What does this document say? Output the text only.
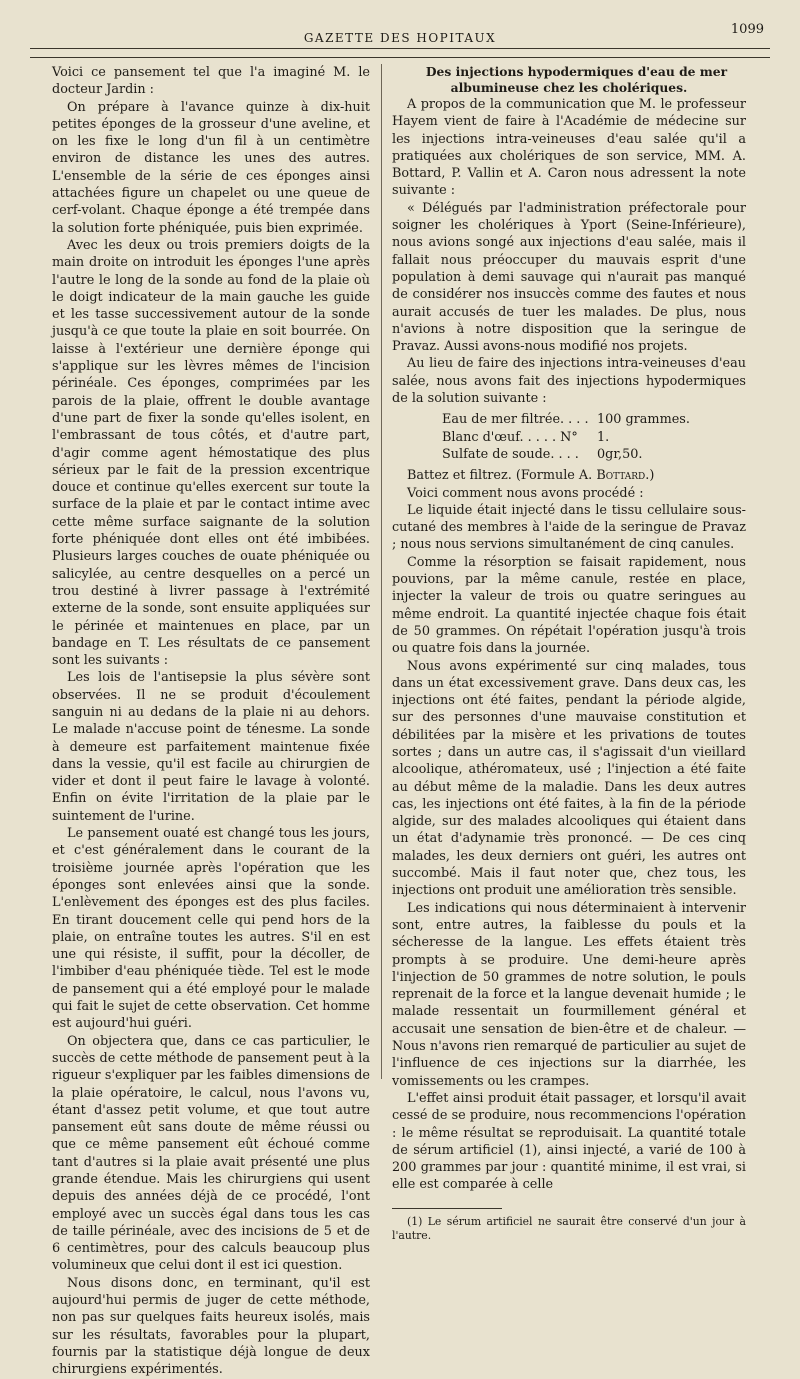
GAZETTE DES HOPITAUX
1099

Voici ce pansement tel que l'a imaginé M. le docteur Jardin :

On prépare à l'avance quinze à dix-huit petites éponges de la grosseur d'une aveline, et on les fixe le long d'un fil à un centimètre environ de distance les unes des autres. L'ensemble de la série de ces éponges ainsi attachées figure un chapelet ou une queue de cerf-volant. Chaque éponge a été trempée dans la solution forte phéniquée, puis bien exprimée.

Avec les deux ou trois premiers doigts de la main droite on introduit les éponges l'une après l'autre le long de la sonde au fond de la plaie où le doigt indicateur de la main gauche les guide et les tasse successivement autour de la sonde jusqu'à ce que toute la plaie en soit bourrée. On laisse à l'extérieur une dernière éponge qui s'applique sur les lèvres mêmes de l'incision périnéale. Ces éponges, comprimées par les parois de la plaie, offrent le double avantage d'une part de fixer la sonde qu'elles isolent, en l'embrassant de tous côtés, et d'autre part, d'agir comme agent hémostatique des plus sérieux par le fait de la pression excentrique douce et continue qu'elles exercent sur toute la surface de la plaie et par le contact intime avec cette même surface saignante de la solution forte phéniquée dont elles ont été imbibées. Plusieurs larges couches de ouate phéniquée ou salicylée, au centre desquelles on a percé un trou destiné à livrer passage à l'extrémité externe de la sonde, sont ensuite appliquées sur le périnée et maintenues en place, par un bandage en T. Les résultats de ce pansement sont les suivants :

Les lois de l'antisepsie la plus sévère sont observées. Il ne se produit d'écoulement sanguin ni au dedans de la plaie ni au dehors. Le malade n'accuse point de ténesme. La sonde à demeure est parfaitement maintenue fixée dans la vessie, qu'il est facile au chirurgien de vider et dont il peut faire le lavage à volonté. Enfin on évite l'irritation de la plaie par le suintement de l'urine.

Le pansement ouaté est changé tous les jours, et c'est généralement dans le courant de la troisième journée après l'opération que les éponges sont enlevées ainsi que la sonde. L'enlèvement des éponges est des plus faciles. En tirant doucement celle qui pend hors de la plaie, on entraîne toutes les autres. S'il en est une qui résiste, il suffit, pour la décoller, de l'imbiber d'eau phéniquée tiède. Tel est le mode de pansement qui a été employé pour le malade qui fait le sujet de cette observation. Cet homme est aujourd'hui guéri.

On objectera que, dans ce cas particulier, le succès de cette méthode de pansement peut à la rigueur s'expliquer par les faibles dimensions de la plaie opératoire, le calcul, nous l'avons vu, étant d'assez petit volume, et que tout autre pansement eût sans doute de même réussi ou que ce même pansement eût échoué comme tant d'autres si la plaie avait présenté une plus grande étendue. Mais les chirurgiens qui usent depuis des années déjà de ce procédé, l'ont employé avec un succès égal dans tous les cas de taille périnéale, avec des incisions de 5 et de 6 centimètres, pour des calculs beaucoup plus volumineux que celui dont il est ici question.

Nous disons donc, en terminant, qu'il est aujourd'hui permis de juger de cette méthode, non pas sur quelques faits heureux isolés, mais sur les résultats, favorables pour la plupart, fournis par la statistique déjà longue de deux chirurgiens expérimentés.

Des injections hypodermiques d'eau de mer albumineuse chez les cholériques.

A propos de la communication que M. le professeur Hayem vient de faire à l'Académie de médecine sur les injections intra-veineuses d'eau salée qu'il a pratiquées aux cholériques de son service, MM. A. Bottard, P. Vallin et A. Caron nous adressent la note suivante :

« Délégués par l'administration préfectorale pour soigner les cholériques à Yport (Seine-Inférieure), nous avions songé aux injections d'eau salée, mais il fallait nous préoccuper du mauvais esprit d'une population à demi sauvage qui n'aurait pas manqué de considérer nos insuccès comme des fautes et nous aurait accusés de tuer les malades. De plus, nous n'avions à notre disposition que la seringue de Pravaz. Aussi avons-nous modifié nos projets.

Au lieu de faire des injections intra-veineuses d'eau salée, nous avons fait des injections hypodermiques de la solution suivante :

Eau de mer filtrée. . . . 100 grammes.
Blanc d'œuf. . . . . N°	1.
Sulfate de soude. . . .	0gr,50.

Battez et filtrez. (Formule A. Bottard.)

Voici comment nous avons procédé :

Le liquide était injecté dans le tissu cellulaire sous-cutané des membres à l'aide de la seringue de Pravaz ; nous nous servions simultanément de cinq canules.

Comme la résorption se faisait rapidement, nous pouvions, par la même canule, restée en place, injecter la valeur de trois ou quatre seringues au même endroit. La quantité injectée chaque fois était de 50 grammes. On répétait l'opération jusqu'à trois ou quatre fois dans la journée.

Nous avons expérimenté sur cinq malades, tous dans un état excessivement grave. Dans deux cas, les injections ont été faites, pendant la période algide, sur des personnes d'une mauvaise constitution et débilitées par la misère et les privations de toutes sortes ; dans un autre cas, il s'agissait d'un vieillard alcoolique, athéromateux, usé ; l'injection a été faite au début même de la maladie. Dans les deux autres cas, les injections ont été faites, à la fin de la période algide, sur des malades alcooliques qui étaient dans un état d'adynamie très prononcé. — De ces cinq malades, les deux derniers ont guéri, les autres ont succombé. Mais il faut noter que, chez tous, les injections ont produit une amélioration très sensible.

Les indications qui nous déterminaient à intervenir sont, entre autres, la faiblesse du pouls et la sécheresse de la langue. Les effets étaient très prompts à se produire. Une demi-heure après l'injection de 50 grammes de notre solution, le pouls reprenait de la force et la langue devenait humide ; le malade ressentait un fourmillement général et accusait une sensation de bien-être et de chaleur. — Nous n'avons rien remarqué de particulier au sujet de l'influence de ces injections sur la diarrhée, les vomissements ou les crampes.

L'effet ainsi produit était passager, et lorsqu'il avait cessé de se produire, nous recommencions l'opération : le même résultat se reproduisait. La quantité totale de sérum artificiel (1), ainsi injecté, a varié de 100 à 200 grammes par jour : quantité minime, il est vrai, si elle est comparée à celle

(1) Le sérum artificiel ne saurait être conservé d'un jour à l'autre.
